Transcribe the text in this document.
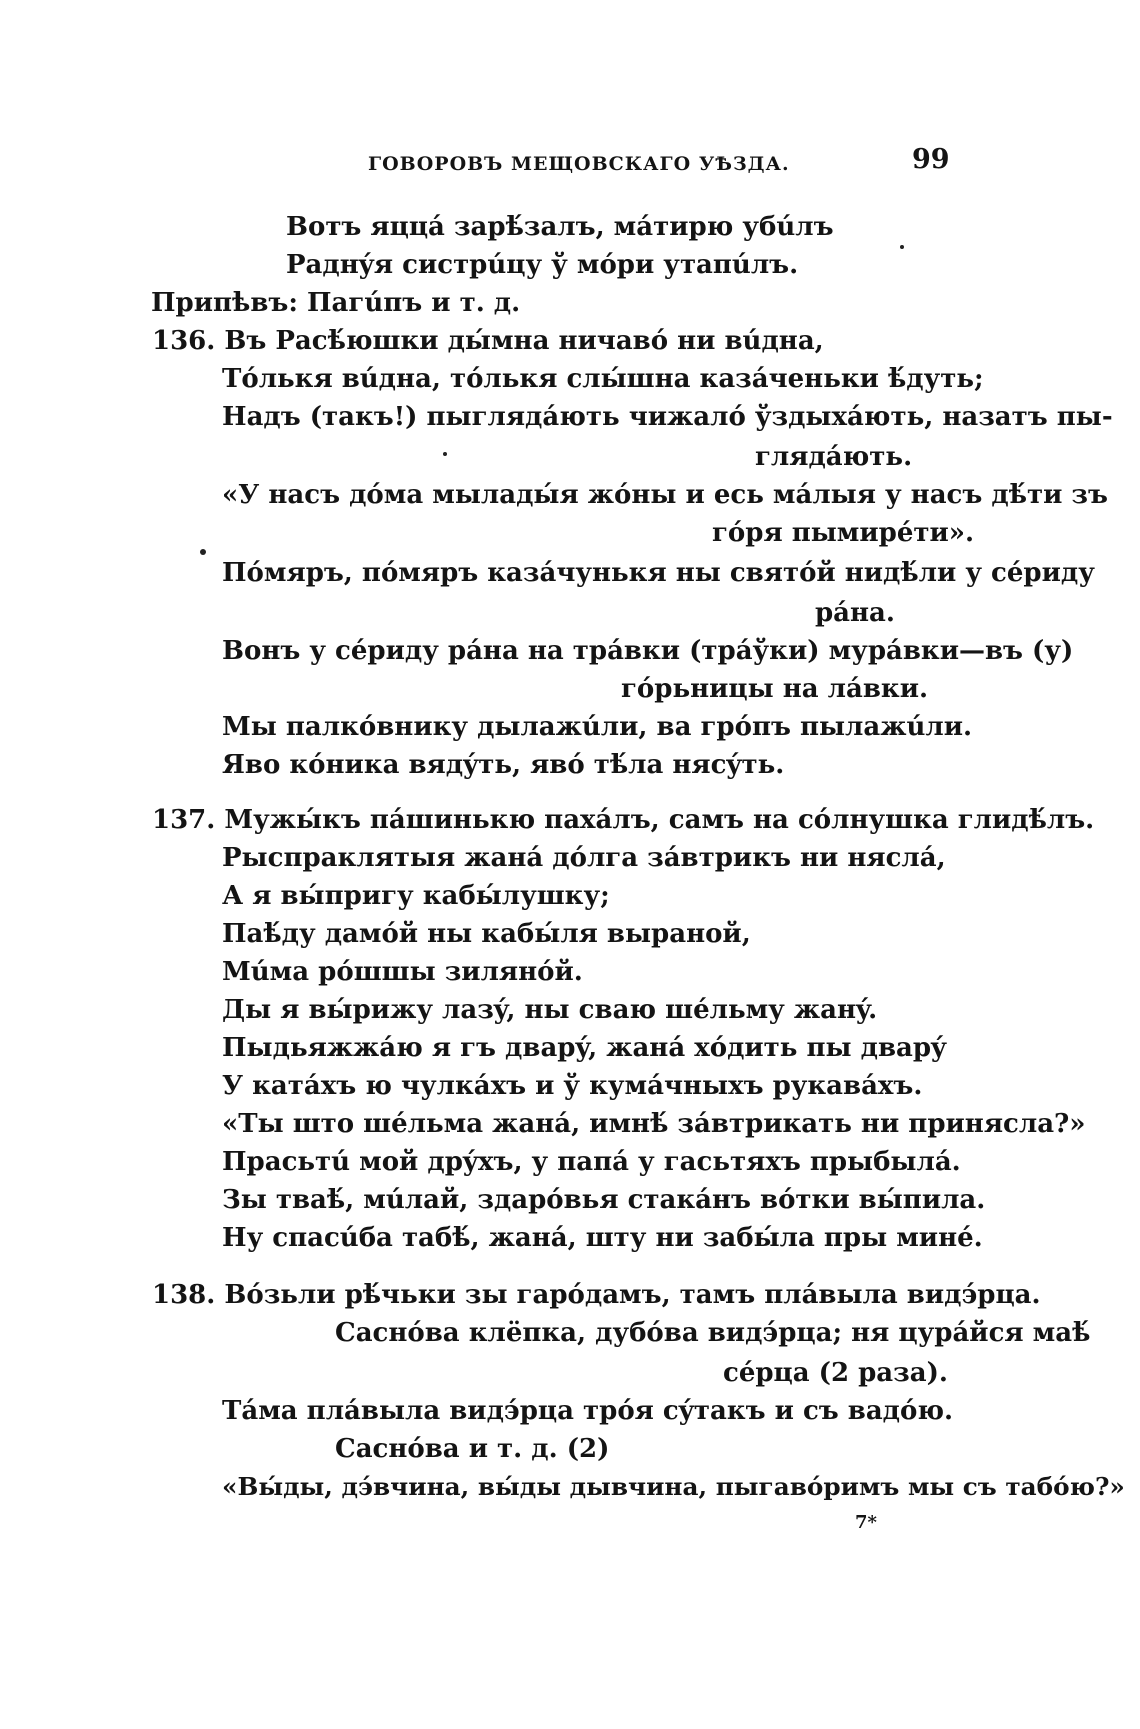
ГОВОРОВЪ МЕЩОВСКАГО УѢЗДА.	99
Вотъ яццá зарѣ́залъ, мáтирю убúлъ
Раднýя систрúцу ў мóри утапúлъ.
Припѣвъ: Пагúпъ и т. д.
136. Въ Расѣ́юшки ды́мна ничавó ни вúдна,
Тóлькя вúдна, тóлькя слы́шна казáченьки ѣ́дуть;
Надъ (такъ!) пыглядáють чижалó ўздыхáють, назатъ пы-
глядáють.
«У насъ дóма мылады́я жóны и есь мáлыя у насъ дѣ́ти зъ
гóря пымирéти».
Пóмяръ, пóмяръ казáчунькя ны святóй нидѣ́ли у сéриду
рáна.
Вонъ у сéриду рáна на трáвки (трáўки) мурáвки—въ (у)
гóрьницы на лáвки.
Мы палкóвнику дылажúли, ва грóпъ пылажúли.
Яво кóника вядýть, явó тѣ́ла нясýть.
137. Мужы́къ пáшинькю пахáлъ, самъ на сóлнушка глидѣ́лъ.
Рыспраклятыя жанá дóлга зáвтрикъ ни няслá,
А я вы́пригу кабы́лушку;
Паѣ́ду дамóй ны кабы́ля выраной,
Мúма рóшшы зилянóй.
Ды я вы́рижу лазý, ны сваю шéльму жанý.
Пыдьяжжáю я гъ дварý, жанá хóдить пы дварý
У катáхъ ю чулкáхъ и ў кумáчныхъ рукавáхъ.
«Ты што шéльма жанá, имнѣ́ зáвтрикать ни принясла?»
Прасьтú мой дрýхъ, у папá у гасьтяхъ прыбылá.
Зы тваѣ́, мúлай, здарóвья стакáнъ вóтки вы́пила.
Ну спасúба табѣ́, жанá, шту ни забы́ла пры минé.
138. Вóзьли рѣ́чьки зы гарóдамъ, тамъ плáвыла видэ́рца.
Саснóва клёпка, дубóва видэ́рца; ня цурáйся маѣ́
сéрца (2 раза).
Тáма плáвыла видэ́рца трóя сýтакъ и съ вадóю.
Саснóва и т. д. (2)
«Вы́ды, дэ́вчина, вы́ды дывчина, пыгавóримъ мы съ табóю?»
7*
